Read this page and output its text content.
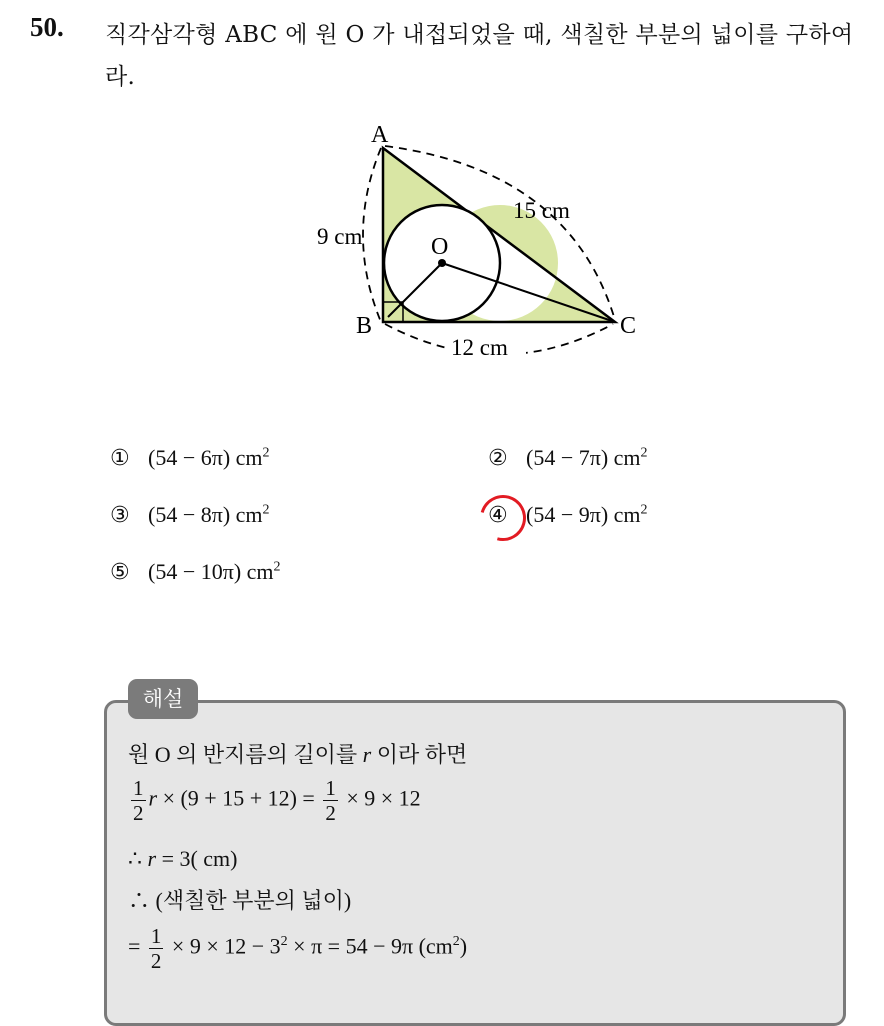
50. 직각삼각형 ABC 에 원 O 가 내접되었을 때, 색칠한 부분의 넓이를 구하여라.
A
B	C
O
9 cm
15 cm
12 cm
① (54 − 6π) $cm^2$	② (54 − 7π) $cm^2$
③ (54 − 8π) $cm^2$	④ (54 − 9π) $cm^2$
⑤ (54 − 10π) $cm^2$
해설
원 O 의 반지름의 길이를 r 이라 하면
$\frac{1}{2}$ $r \times (9 + 15 + 12) = \frac{1}{2} \times 9 \times 12$
∴ r = 3( cm)
∴ (색칠한 부분의 넓이)
= $\frac{1}{2} \times 9 \times 12 - 3^2 \times \pi = 54 - 9\pi$ $(cm^2)$
